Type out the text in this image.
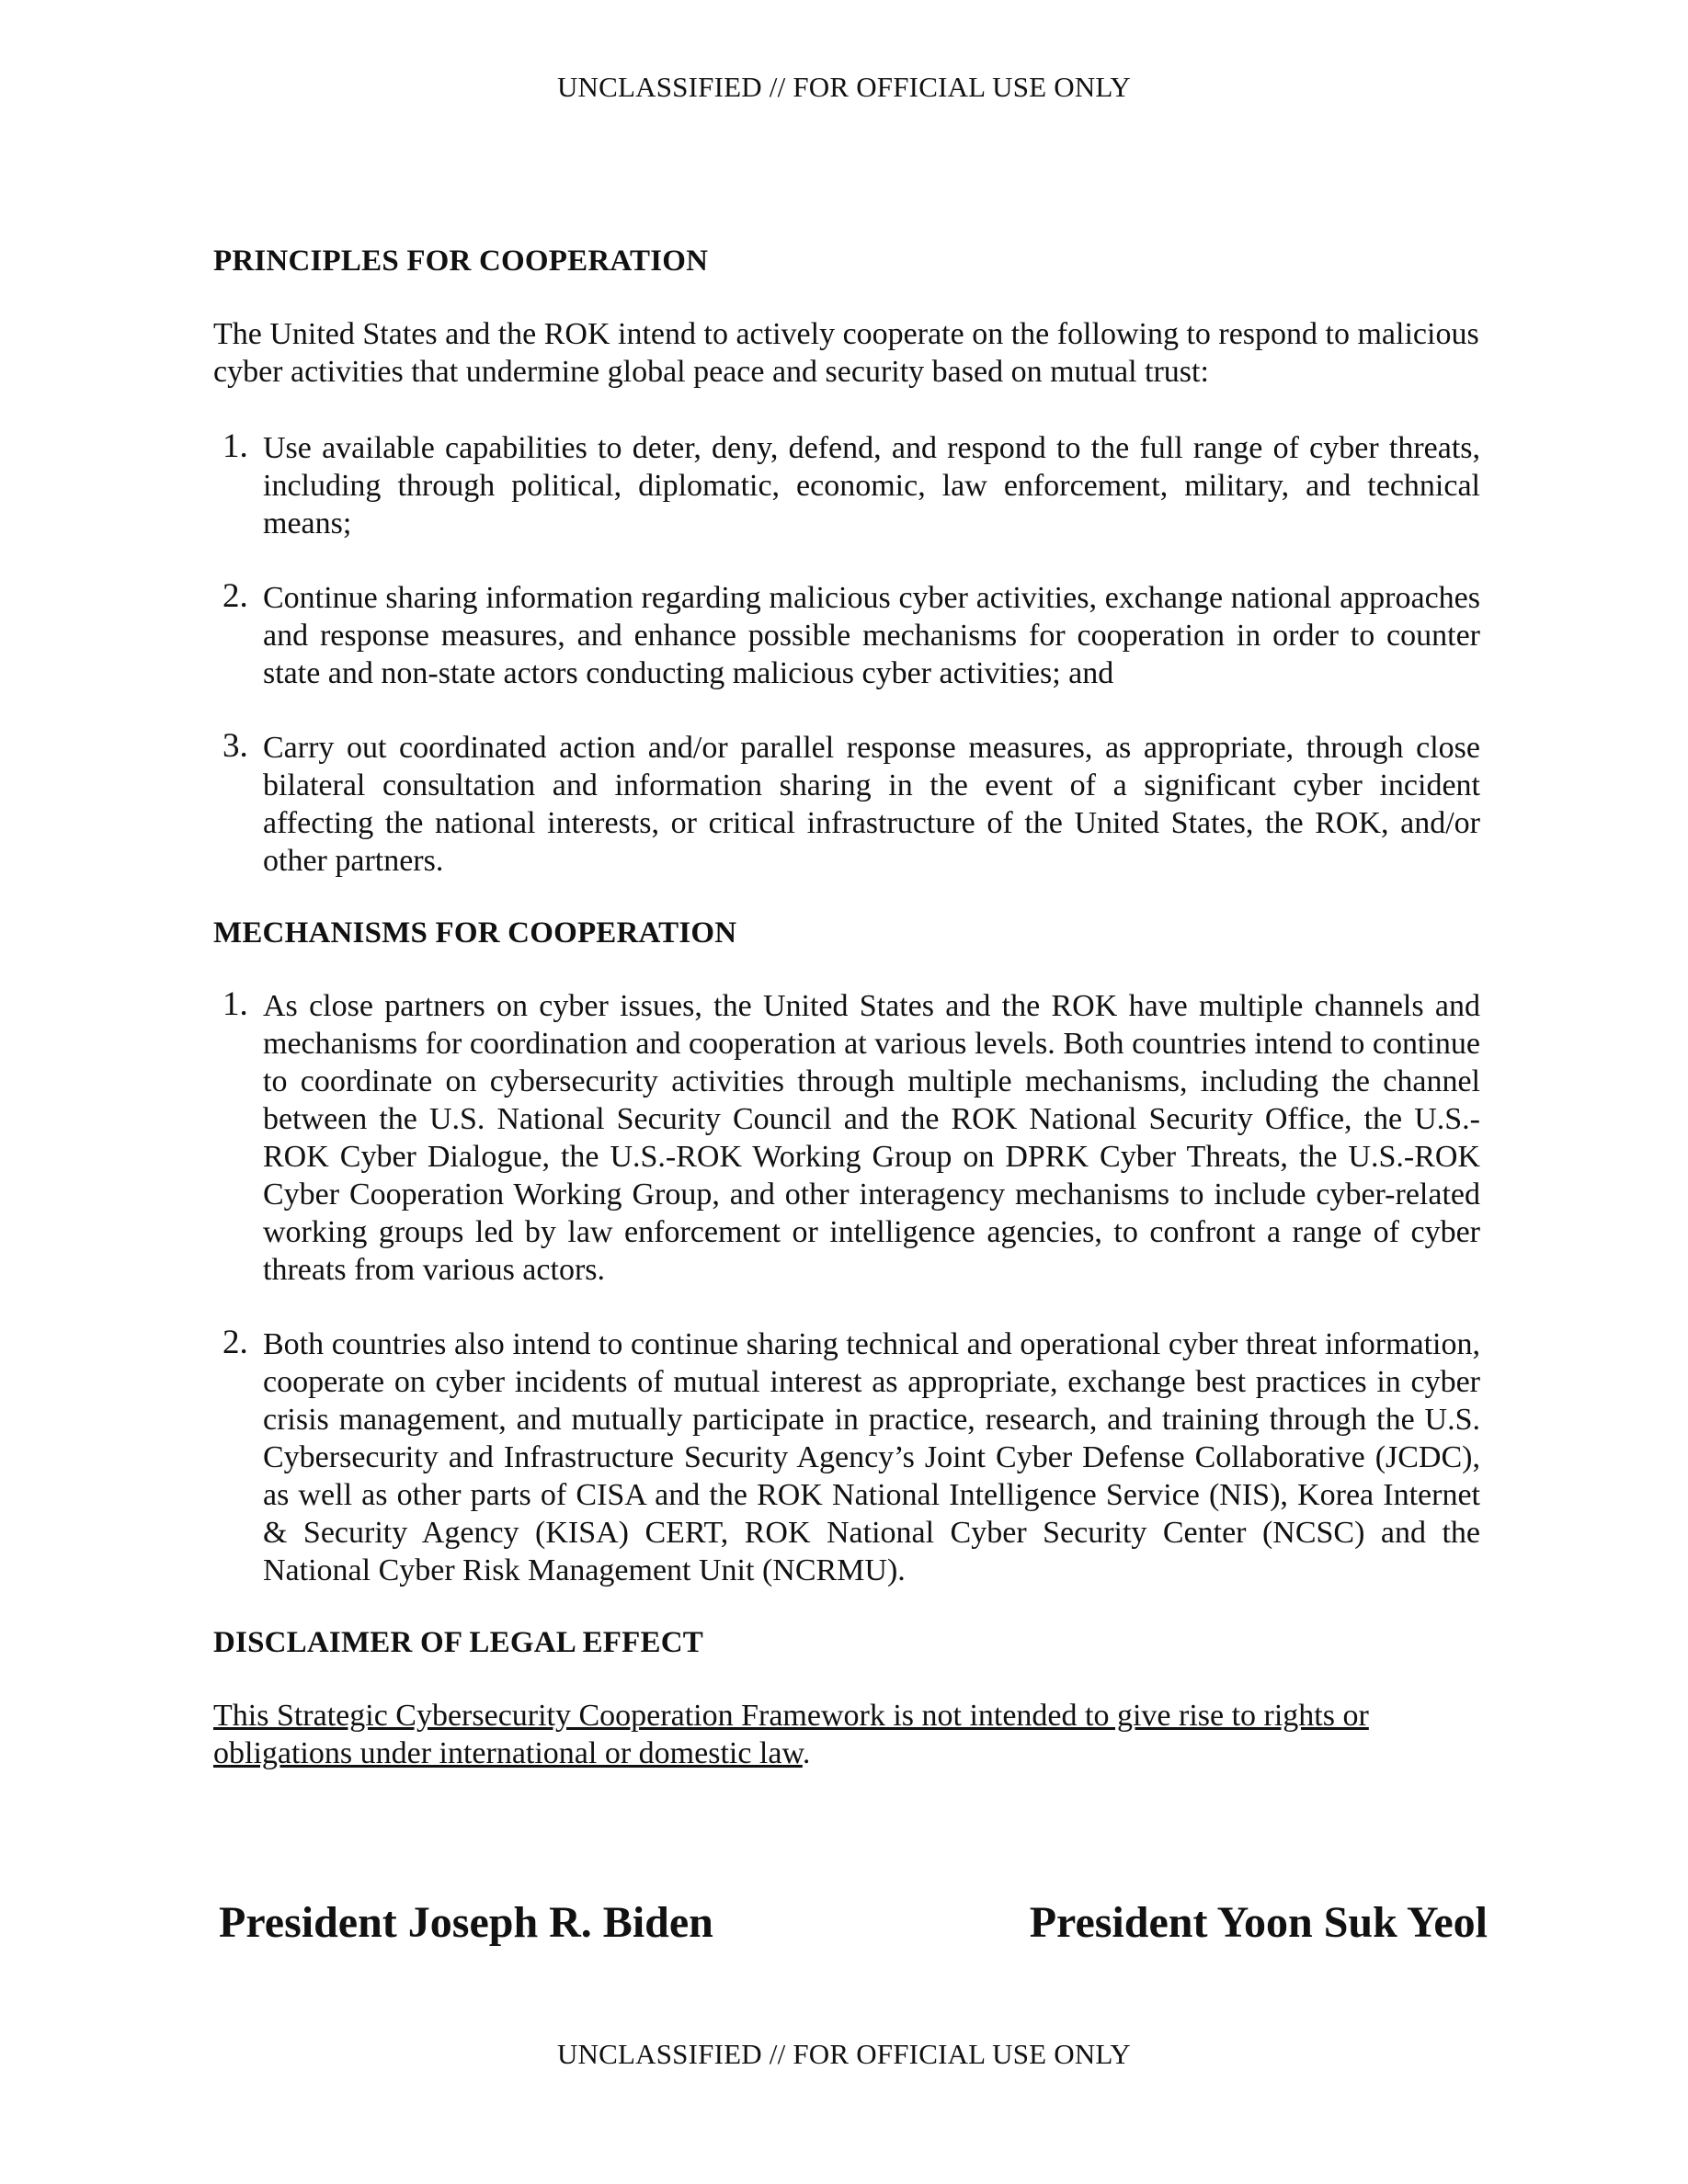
UNCLASSIFIED // FOR OFFICIAL USE ONLY
PRINCIPLES FOR COOPERATION

The United States and the ROK intend to actively cooperate on the following to respond to malicious cyber activities that undermine global peace and security based on mutual trust:

1. Use available capabilities to deter, deny, defend, and respond to the full range of cyber threats, including through political, diplomatic, economic, law enforcement, military, and technical means;
2. Continue sharing information regarding malicious cyber activities, exchange national approaches and response measures, and enhance possible mechanisms for cooperation in order to counter state and non-state actors conducting malicious cyber activities; and
3. Carry out coordinated action and/or parallel response measures, as appropriate, through close bilateral consultation and information sharing in the event of a significant cyber incident affecting the national interests, or critical infrastructure of the United States, the ROK, and/or other partners.
MECHANISMS FOR COOPERATION
1. As close partners on cyber issues, the United States and the ROK have multiple channels and mechanisms for coordination and cooperation at various levels. Both countries intend to continue to coordinate on cybersecurity activities through multiple mechanisms, including the channel between the U.S. National Security Council and the ROK National Security Office, the U.S.-ROK Cyber Dialogue, the U.S.-ROK Working Group on DPRK Cyber Threats, the U.S.-ROK Cyber Cooperation Working Group, and other interagency mechanisms to include cyber-related working groups led by law enforcement or intelligence agencies, to confront a range of cyber threats from various actors.
2. Both countries also intend to continue sharing technical and operational cyber threat information, cooperate on cyber incidents of mutual interest as appropriate, exchange best practices in cyber crisis management, and mutually participate in practice, research, and training through the U.S. Cybersecurity and Infrastructure Security Agency’s Joint Cyber Defense Collaborative (JCDC), as well as other parts of CISA and the ROK National Intelligence Service (NIS), Korea Internet & Security Agency (KISA) CERT, ROK National Cyber Security Center (NCSC) and the National Cyber Risk Management Unit (NCRMU).
DISCLAIMER OF LEGAL EFFECT

This Strategic Cybersecurity Cooperation Framework is not intended to give rise to rights or obligations under international or domestic law.

President Joseph R. Biden	President Yoon Suk Yeol
UNCLASSIFIED // FOR OFFICIAL USE ONLY
